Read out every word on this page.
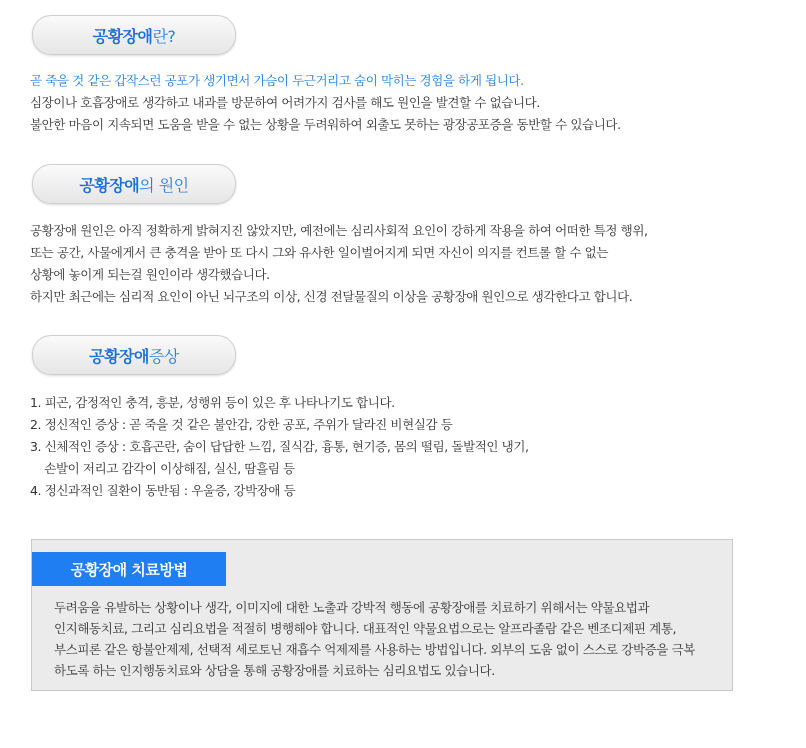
공황장애 란?
곧 죽을 것 같은 갑작스런 공포가 생기면서 가슴이 두근거리고 숨이 막히는 경험을 하게 됩니다.
심장이나 호흡장애로 생각하고 내과를 방문하여 어려가지 검사를 해도 원인을 발견할 수 없습니다.
불안한 마음이 지속되면 도움을 받을 수 없는 상황을 두려워하여 외출도 못하는 광장공포증을 동반할 수 있습니다.
공황장애 의 원인
공황장애 원인은 아직 정확하게 밝혀지진 않았지만, 예전에는 심리사회적 요인이 강하게 작용을 하여 어떠한 특정 행위,
또는 공간, 사물에게서 큰 충격을 받아 또 다시 그와 유사한 일이벌어지게 되면 자신이 의지를 컨트롤 할 수 없는
상황에 놓이게 되는걸 원인이라 생각했습니다.
하지만 최근에는 심리적 요인이 아닌 뇌구조의 이상, 신경 전달물질의 이상을 공황장애 원인으로 생각한다고 합니다.
공황장애 증상
1. 피곤, 감정적인 충격, 흥분, 성행위 등이 있은 후 나타나기도 합니다.
2. 정신적인 증상 : 곧 죽을 것 같은 불안감, 강한 공포, 주위가 달라진 비현실감 등
3. 신체적인 증상 : 호흡곤란, 숨이 답답한 느낌, 질식감, 흉통, 현기증, 몸의 떨림, 돌발적인 냉기,
손발이 저리고 감각이 이상해짐, 실신, 땀흘림 등
4. 정신과적인 질환이 동반됨 : 우울증, 강박장애 등
공황장애 치료방법
두려움을 유발하는 상황이나 생각, 이미지에 대한 노출과 강박적 행동에 공황장애를 치료하기 위해서는 약물요법과
인지해동치료, 그리고 심리요법을 적절히 병행해야 합니다. 대표적인 약물요법으로는 알프라졸람 같은 벤조디제핀 계통,
부스피론 같은 항불안제제, 선택적 세로토닌 재흡수 억제제를 사용하는 방법입니다. 외부의 도움 없이 스스로 강박증을 극복
하도록 하는 인지행동치료와 상담을 통해 공황장애를 치료하는 심리요법도 있습니다.
